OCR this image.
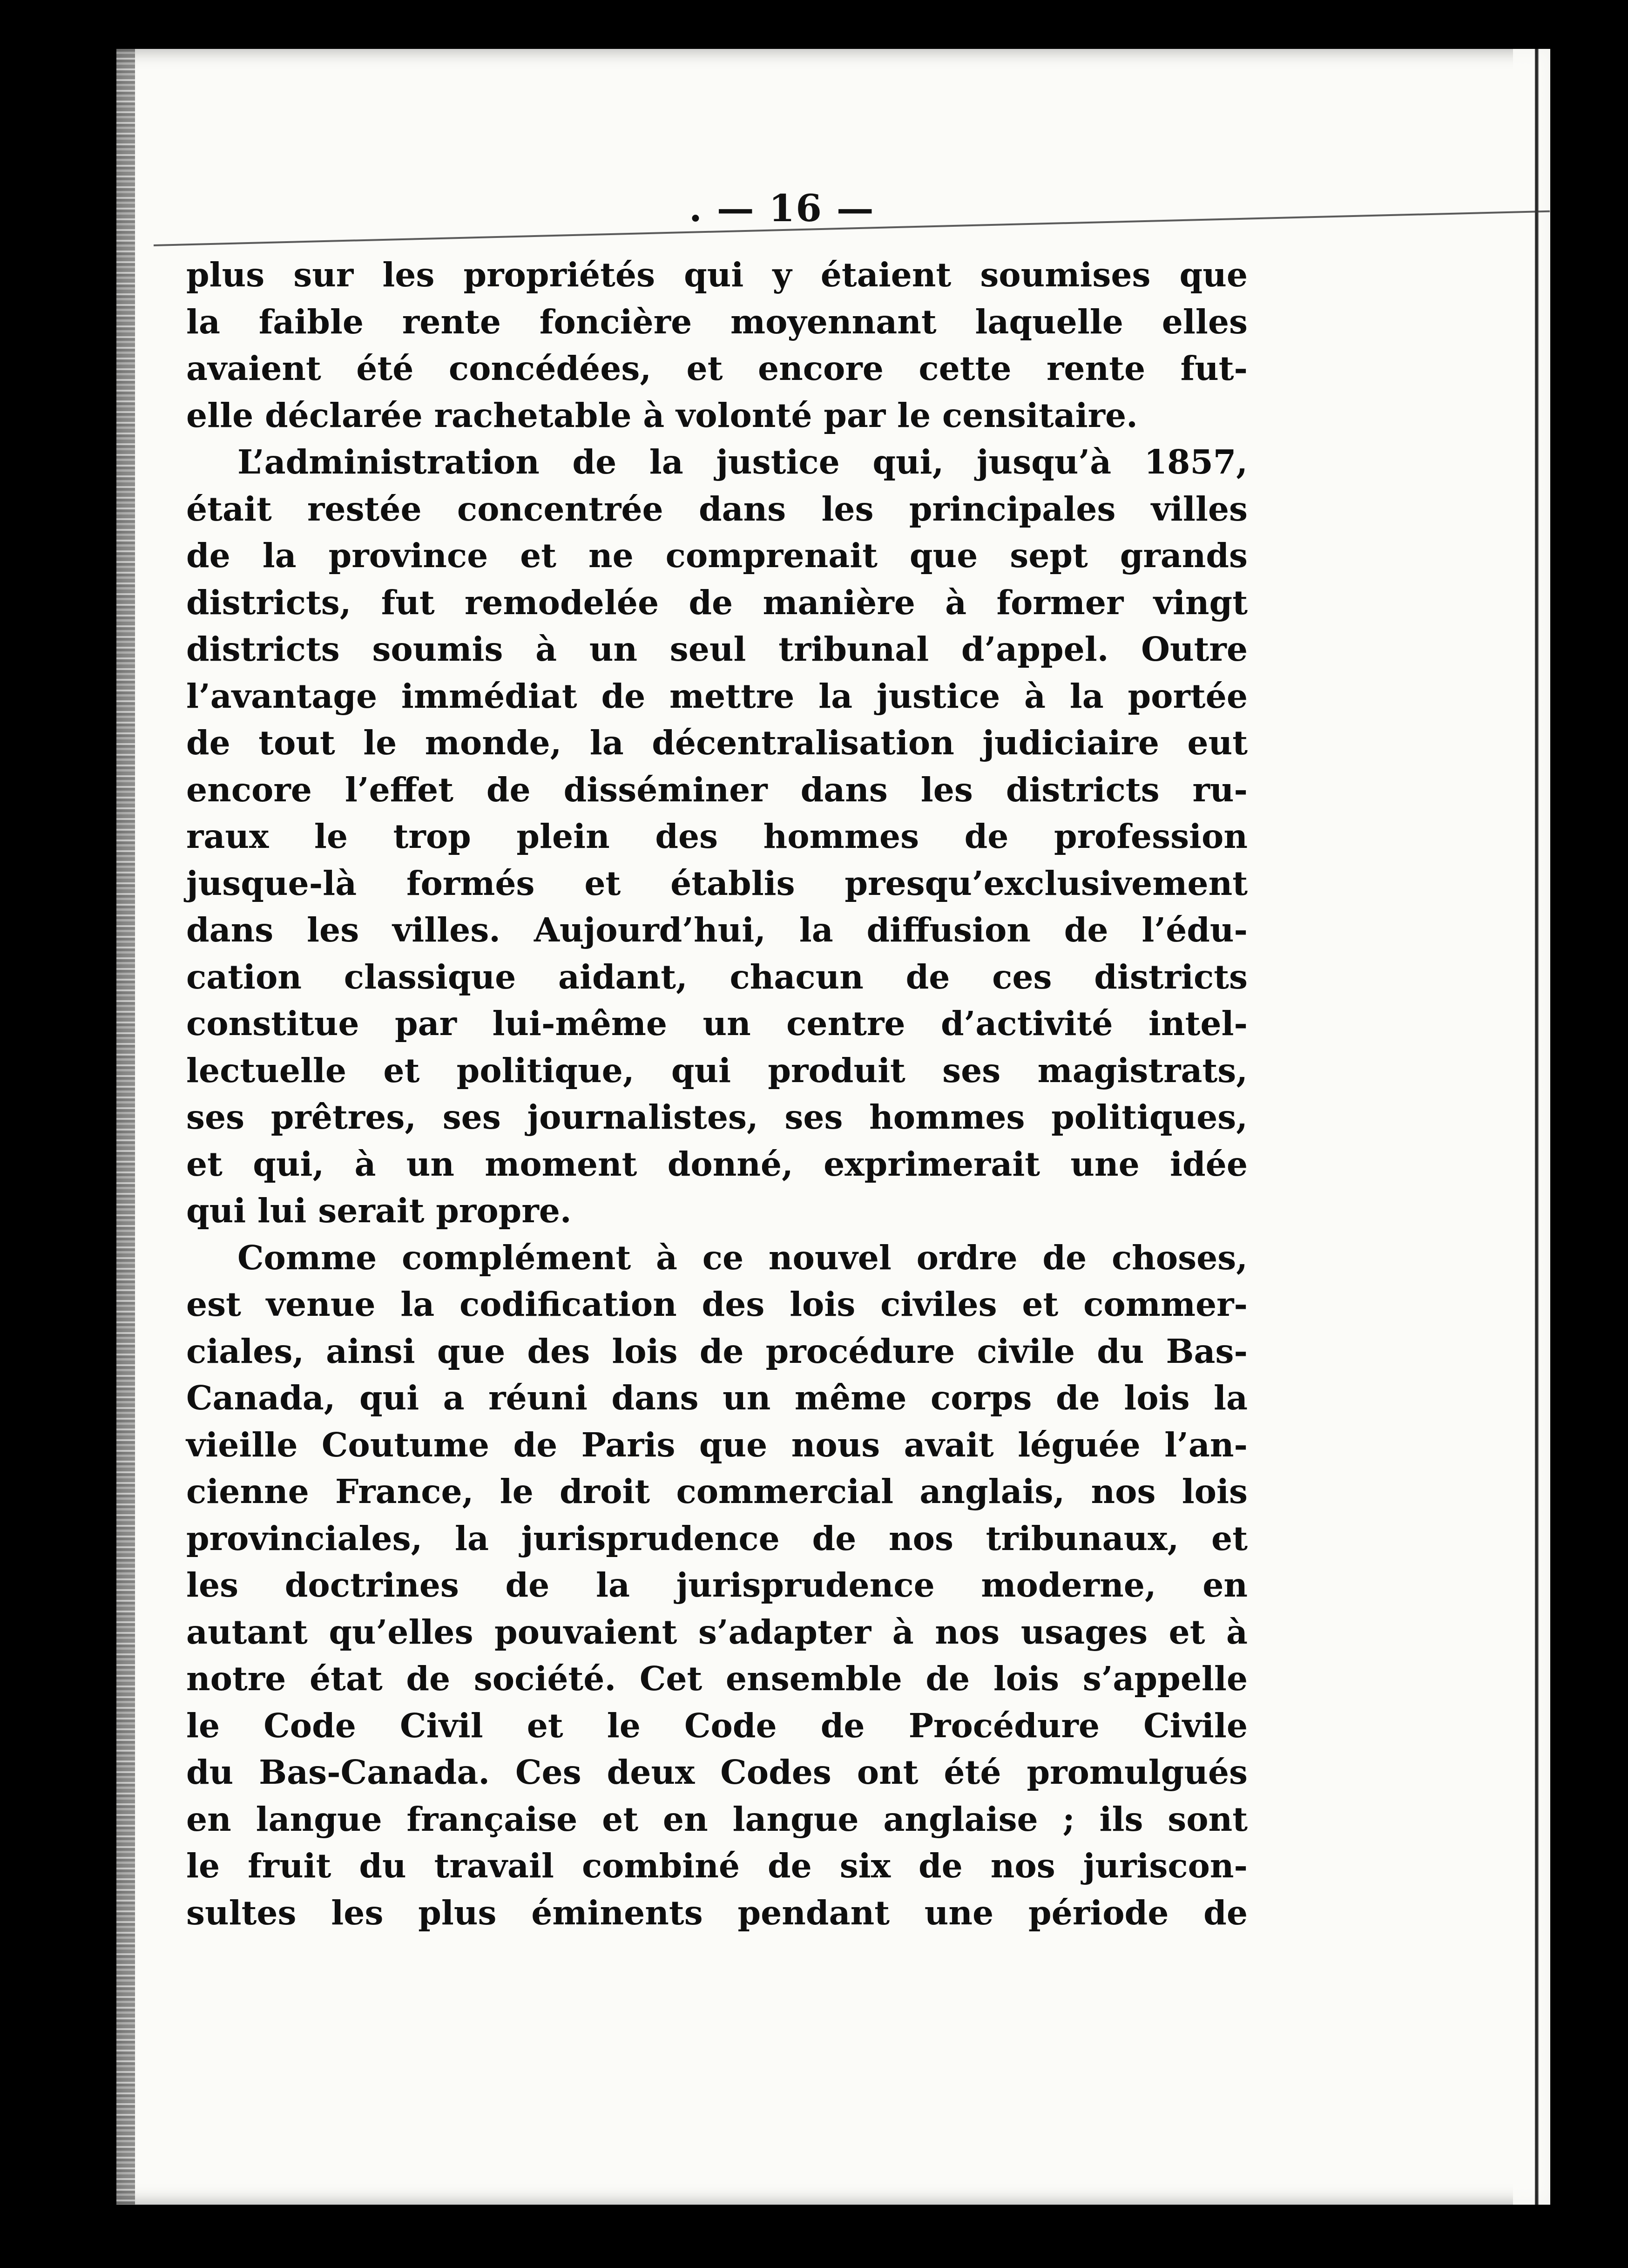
. — 16 —
plus sur les propriétés qui y étaient soumises que
la faible rente foncière moyennant laquelle elles
avaient été concédées, et encore cette rente fut-
elle déclarée rachetable à volonté par le censitaire.
L’administration de la justice qui, jusqu’à 1857,
était restée concentrée dans les principales villes
de la province et ne comprenait que sept grands
districts, fut remodelée de manière à former vingt
districts soumis à un seul tribunal d’appel. Outre
l’avantage immédiat de mettre la justice à la portée
de tout le monde, la décentralisation judiciaire eut
encore l’effet de disséminer dans les districts ru-
raux le trop plein des hommes de profession
jusque-là formés et établis presqu’exclusivement
dans les villes. Aujourd’hui, la diffusion de l’édu-
cation classique aidant, chacun de ces districts
constitue par lui-même un centre d’activité intel-
lectuelle et politique, qui produit ses magistrats,
ses prêtres, ses journalistes, ses hommes politiques,
et qui, à un moment donné, exprimerait une idée
qui lui serait propre.
Comme complément à ce nouvel ordre de choses,
est venue la codification des lois civiles et commer-
ciales, ainsi que des lois de procédure civile du Bas-
Canada, qui a réuni dans un même corps de lois la
vieille Coutume de Paris que nous avait léguée l’an-
cienne France, le droit commercial anglais, nos lois
provinciales, la jurisprudence de nos tribunaux, et
les doctrines de la jurisprudence moderne, en
autant qu’elles pouvaient s’adapter à nos usages et à
notre état de société. Cet ensemble de lois s’appelle
le Code Civil et le Code de Procédure Civile
du Bas-Canada. Ces deux Codes ont été promulgués
en langue française et en langue anglaise ; ils sont
le fruit du travail combiné de six de nos juriscon-
sultes les plus éminents pendant une période de
